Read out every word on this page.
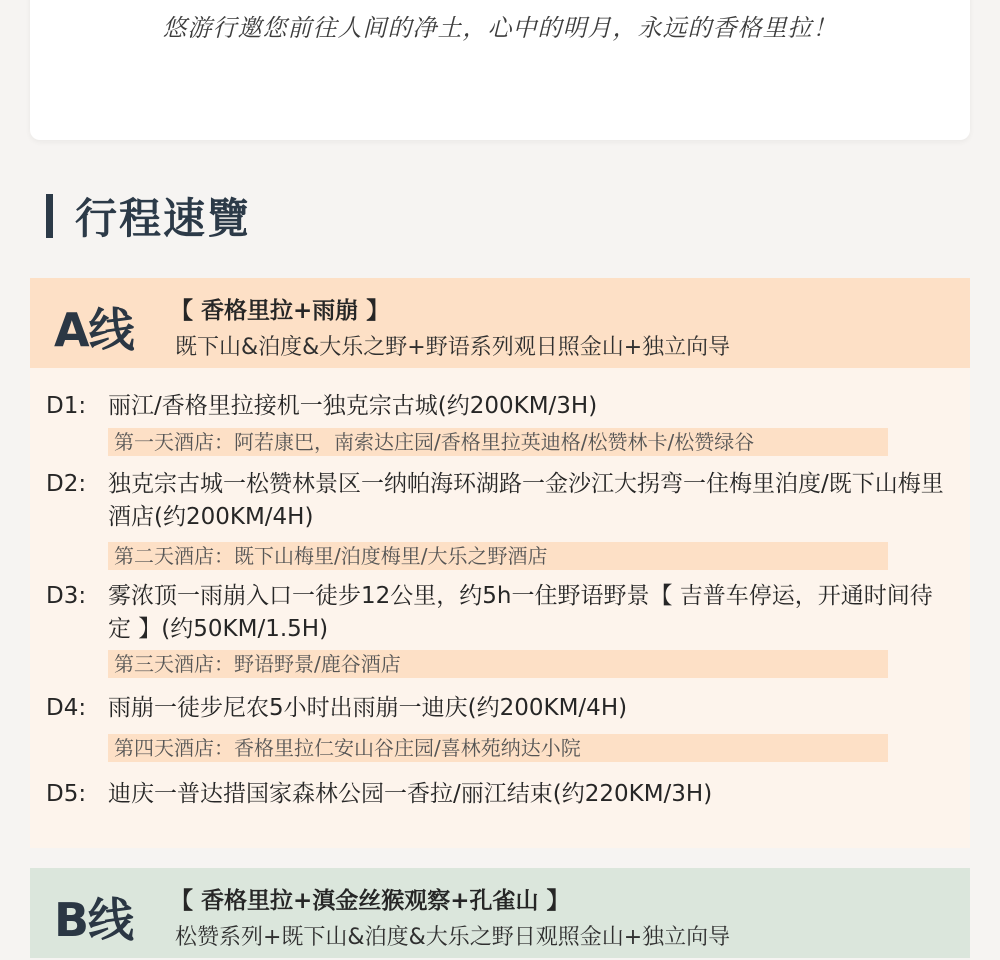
悠游行邀您前往人间的净土，心中的明月，永远的香格里拉！
行程速覽
A线 【 香格里拉+雨崩 】
既下山&泊度&大乐之野+野语系列观日照金山+独立向导
D1: 丽江/香格里拉接机一独克宗古城(约200KM/3H)
第一天酒店：阿若康巴，南索达庄园/香格里拉英迪格/松赞林卡/松赞绿谷
D2: 独克宗古城一松赞林景区一纳帕海环湖路一金沙江大拐弯一住梅里泊度/既下山梅里酒店(约200KM/4H)
第二天酒店：既下山梅里/泊度梅里/大乐之野酒店
D3: 雾浓顶一雨崩入口一徒步12公里，约5h一住野语野景【 吉普车停运，开通时间待定 】(约50KM/1.5H)
第三天酒店：野语野景/鹿谷酒店
D4: 雨崩一徒步尼农5小时出雨崩一迪庆(约200KM/4H)
第四天酒店：香格里拉仁安山谷庄园/喜林苑纳达小院
D5: 迪庆一普达措国家森林公园一香拉/丽江结束(约220KM/3H)
B线 【 香格里拉+滇金丝猴观察+孔雀山 】
松赞系列+既下山&泊度&大乐之野日观照金山+独立向导
